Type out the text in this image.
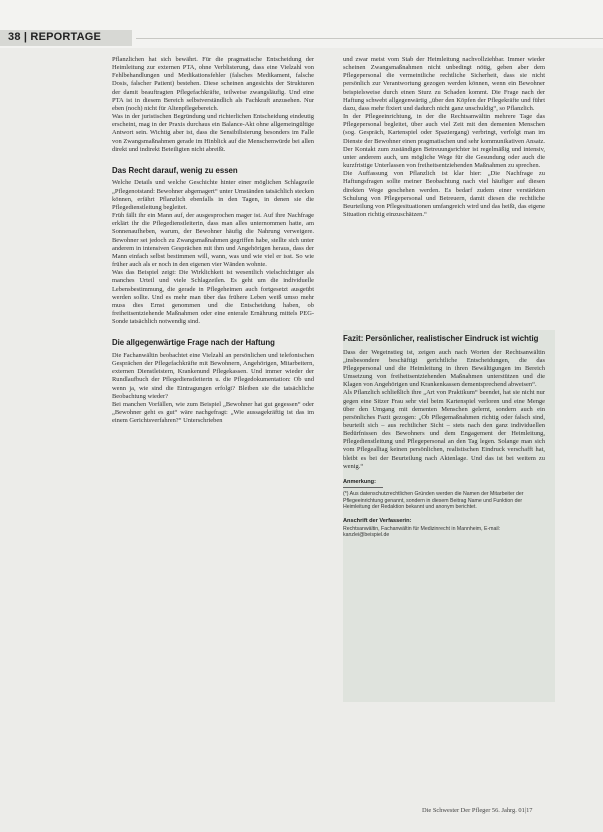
38 | REPORTAGE

Pflanzlichen hat sich bewährt. Für die pragmatische Entscheidung der Heimleitung zur externen PTA, ohne Verblisterung, dass eine Vielzahl von Fehlbehandlungen und Medikationsfehler (falsches Medikament, falsche Dosis, falscher Patient) bestehen. Diese scheinen angesichts der Strukturen der damit beauftragten Pflegefachkräfte, teilweise zwangsläufig. Und eine PTA ist in diesem Bereich selbstverständlich als Fachkraft anzusehen. Nur eben (noch) nicht für Altenpflegebereich.

Was in der juristischen Begründung und richterlichen Entscheidung eindeutig erscheint, mag in der Praxis durchaus ein Balance-Akt ohne allgemeingültige Antwort sein. Wichtig aber ist, dass die Sensibilisierung besonders im Falle von Zwangsmaßnahmen gerade im Hinblick auf die Menschenwürde bei allen direkt und indirekt Beteiligten nicht abreißt.

Das Recht darauf, wenig zu essen

Welche Details und welche Geschichte hinter einer möglichen Schlagzeile „Pflegenotstand: Bewohner abgemagert“ unter Umständen tatsächlich stecken können, erfährt Pflanzlich ebenfalls in den Tagen, in denen sie die Pflegedienstleitung begleitet.

Früh fällt ihr ein Mann auf, der ausgesprochen mager ist. Auf ihre Nachfrage erklärt ihr die Pflegedienstleiterin, dass man alles unternommen hatte, am Sonnenaufheben, warum, der Bewohner häufig die Nahrung verweigere. Bewohner sei jedoch zu Zwangsmaßnahmen gegriffen habe, stellte sich unter anderem in intensiven Gesprächen mit ihm und Angehörigen heraus, dass der Mann einfach selbst bestimmen will, wann, was und wie viel er isst. So wie früher auch als er noch in den eigenen vier Wänden wohnte.

Was das Beispiel zeigt: Die Wirklichkeit ist wesentlich vielschichtiger als manches Urteil und viele Schlagzeilen. Es geht um die individuelle Lebensbestimmung, die gerade in Pflegeheimen auch fortgesetzt ausgeübt werden sollte. Und es mehr man über das frühere Leben weiß umso mehr muss dies Ernst genommen und die Entscheidung haben, ob freiheitsentziehende Maßnahmen oder eine enterale Ernährung mittels PEG-Sonde tatsächlich notwendig sind.

Die allgegenwärtige Frage nach der Haftung

Die Fachanwältin beobachtet eine Vielzahl an persönlichen und telefonischen Gesprächen der Pflegefachkräfte mit Bewohnern, Angehörigen, Mitarbeitern, externen Dienstleistern, Krankenund Pflegekassen. Und immer wieder der Rundlaufbuch der Pflegedienstleiterin u. die Pflegedokumentation: Ob und wenn ja, wie sind die Eintragungen erfolgt? Bleiben sie die tatsächliche Beobachtung wieder?

Bei manchen Vorfällen, wie zum Beispiel „Bewohner hat gut gegessen“ oder „Bewohner geht es gut“ wäre nachgefragt: „Wie aussagekräftig ist das im einem Gerichtsverfahren?“ Unterschrieben

und zwar meist vom Stab der Heimleitung nachvollziehbar. Immer wieder scheinen Zwangsmaßnahmen nicht unbedingt nötig, geben aber dem Pflegepersonal die vermeintliche rechtliche Sicherheit, dass sie nicht persönlich zur Verantwortung gezogen werden können, wenn ein Bewohner beispielsweise durch einen Sturz zu Schaden kommt. Die Frage nach der Haftung schwebt allgegenwärtig „über den Köpfen der Pflegekräfte und führt dazu, dass mehr fixiert und dadurch nicht ganz unschuldig“, so Pflanzlich.

In der Pflegeeinrichtung, in der die Rechtsanwältin mehrere Tage das Pflegepersonal begleitet, über auch viel Zeit mit den dementen Menschen (sog. Gespräch, Kartenspiel oder Spaziergang) verbringt, verfolgt man im Dienste der Bewohner einen pragmatischen und sehr kommunikativen Ansatz. Der Kontakt zum zuständigen Betreuungsrichter ist regelmäßig und intensiv, unter anderem auch, um mögliche Wege für die Gesundung oder auch die kurzfristige Unterlassen von freiheitsentziehenden Maßnahmen zu sprechen.

Die Auffassung von Pflanzlich ist klar hier: „Die Nachfrage zu Haftungsfragen sollte meiner Beobachtung nach viel häufiger auf diesen direkten Wege geschehen werden. Es bedarf zudem einer verstärkten Schulung von Pflegepersonal und Betreuern, damit diesen die rechtliche Beurteilung von Pflegesituationen umfangreich wird und das heißt, das eigene Situation richtig einzuschätzen.“

Fazit: Persönlicher, realistischer Eindruck ist wichtig

Dass der Wegeinstieg ist, zeigen auch nach Worten der Rechtsanwältin „insbesondere beschäftigt gerichtliche Entscheidungen, die das Pflegepersonal und die Heimleitung in ihren Bewältigungen im Bereich Umsetzung von freiheitsentziehenden Maßnahmen unterstützen und die Klagen von Angehörigen und Krankenkassen dementsprechend abweisen“.

Als Pflanzlich schließlich ihre „Art von Praktikum“ beendet, hat sie nicht nur gegen eine Sitzer Frau sehr viel beim Kartenspiel verloren und eine Menge über den Umgang mit dementen Menschen gelernt, sondern auch ein persönliches Fazit gezogen: „Ob Pflegemaßnahmen richtig oder falsch sind, beurteilt sich – aus rechtlicher Sicht – stets nach den ganz individuellen Bedürfnissen des Bewohners und dem Engagement der Heimleitung, Pflegedienstleitung und Pflegepersonal an den Tag legen. Solange man sich vom Pflegealltag keinen persönlichen, realistischen Eindruck verschafft hat, bleibt es bei der Beurteilung nach Aktenlage. Und das ist bei weitem zu wenig.“

Anmerkung:

(*) Aus datenschutzrechtlichen Gründen werden die Namen der Mitarbeiter der Pflegeeinrichtung genannt, sondern in diesem Beitrag Name und Funktion der Heimleitung der Redaktion bekannt und anonym berichtet.

Anschrift der Verfasserin:

Rechtsanwältin, Fachanwältin für Medizinrecht in Mannheim, E-mail: kanzlei@beispiel.de

Die Schwester Der Pfleger 56. Jahrg. 01|17
